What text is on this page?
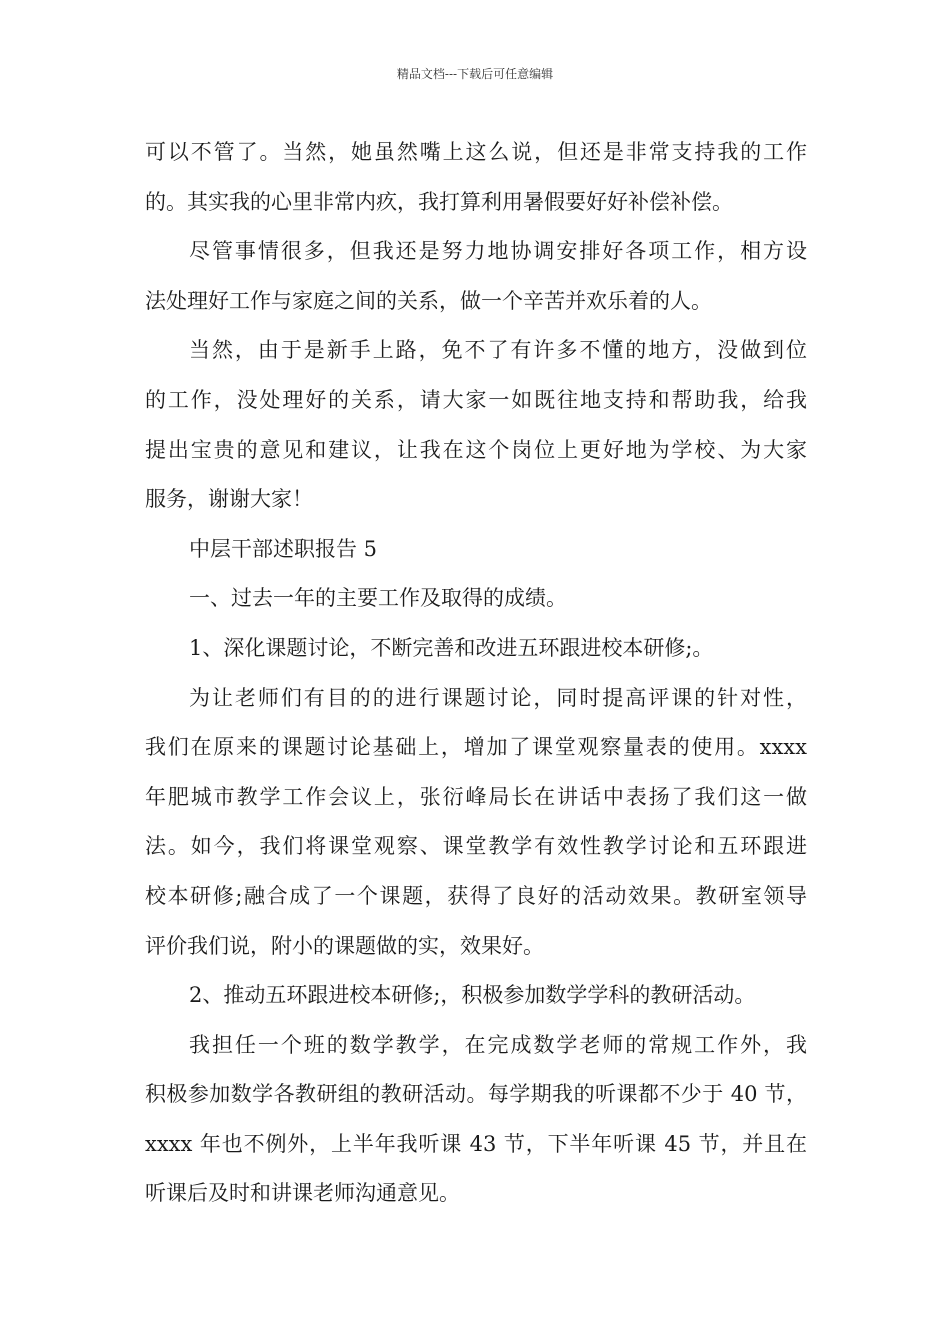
精品文档---下载后可任意编辑
可以不管了。当然，她虽然嘴上这么说，但还是非常支持我的工作
的。其实我的心里非常内疚，我打算利用暑假要好好补偿补偿。
尽管事情很多，但我还是努力地协调安排好各项工作，相方设
法处理好工作与家庭之间的关系，做一个辛苦并欢乐着的人。
当然，由于是新手上路，免不了有许多不懂的地方，没做到位
的工作，没处理好的关系，请大家一如既往地支持和帮助我，给我
提出宝贵的意见和建议，让我在这个岗位上更好地为学校、为大家
服务，谢谢大家！
中层干部述职报告 5
一、过去一年的主要工作及取得的成绩。
1、深化课题讨论，不断完善和改进五环跟进校本研修;。
为让老师们有目的的进行课题讨论，同时提高评课的针对性，
我们在原来的课题讨论基础上，增加了课堂观察量表的使用。xxxx
年肥城市教学工作会议上，张衍峰局长在讲话中表扬了我们这一做
法。如今，我们将课堂观察、课堂教学有效性教学讨论和五环跟进
校本研修;融合成了一个课题，获得了良好的活动效果。教研室领导
评价我们说，附小的课题做的实，效果好。
2、推动五环跟进校本研修;，积极参加数学学科的教研活动。
我担任一个班的数学教学，在完成数学老师的常规工作外，我
积极参加数学各教研组的教研活动。每学期我的听课都不少于 40 节，
xxxx 年也不例外，上半年我听课 43 节，下半年听课 45 节，并且在
听课后及时和讲课老师沟通意见。
